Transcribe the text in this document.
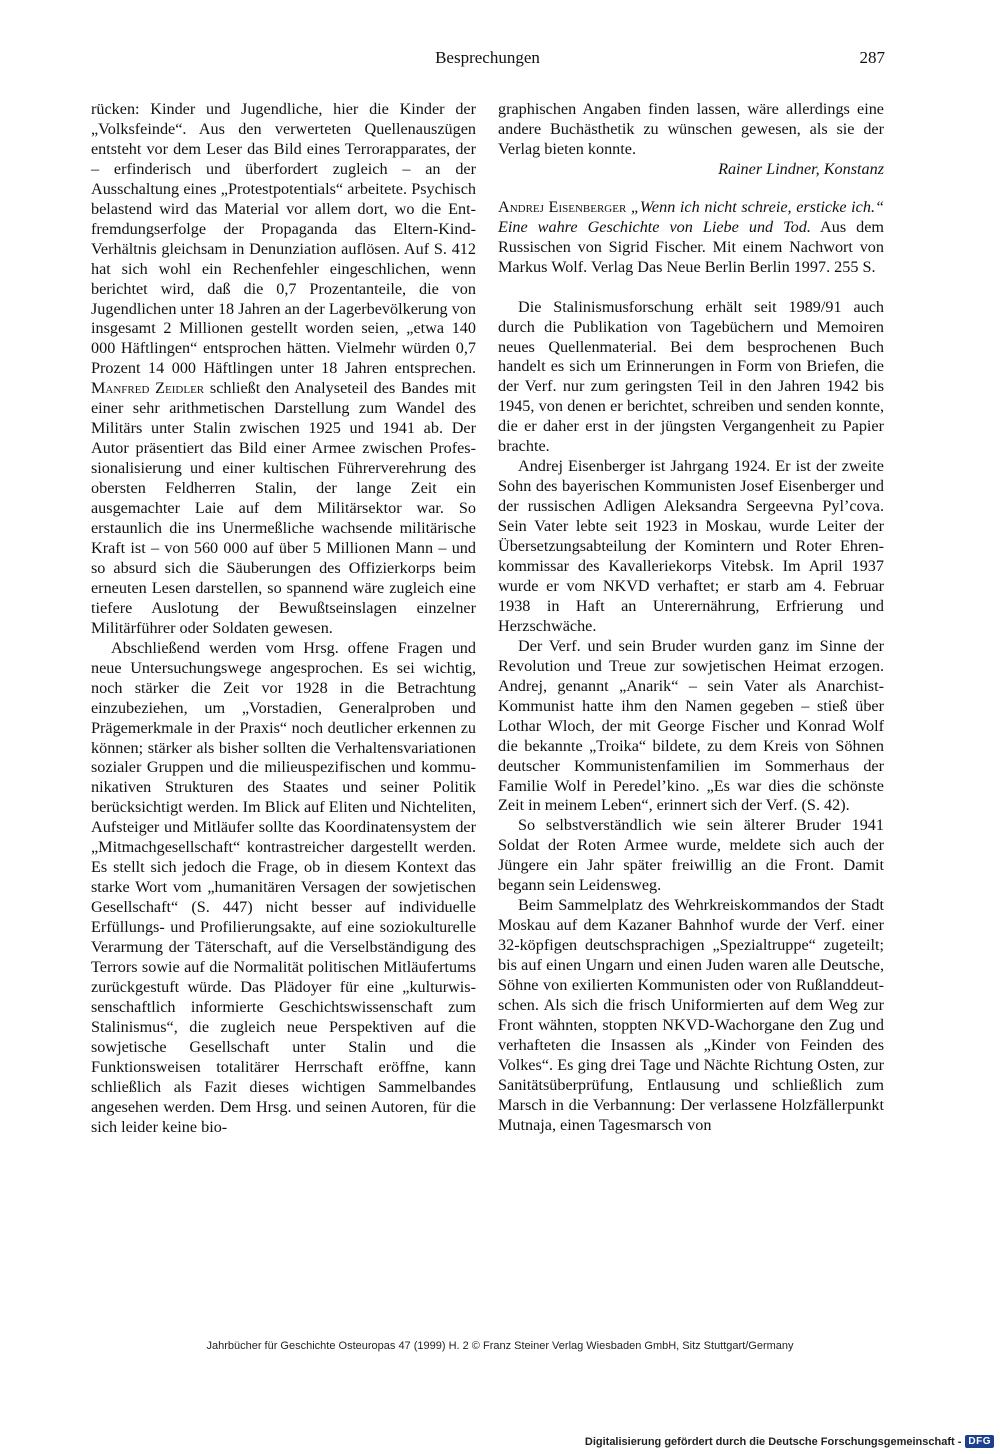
Besprechungen	287

rücken: Kinder und Jugendliche, hier die Kinder der „Volksfeinde“. Aus den verwerteten Quellenauszügen entsteht vor dem Leser das Bild eines Terrorapparates, der – erfinderisch und überfordert zugleich – an der Ausschaltung eines „Protestpotentials“ arbeitete. Psychisch belastend wird das Material vor allem dort, wo die Entfremdungserfolge der Propaganda das Eltern-Kind-Verhältnis gleichsam in Denunziation auflösen. Auf S. 412 hat sich wohl ein Rechenfehler eingeschlichen, wenn berichtet wird, daß die 0,7 Prozentanteile, die von Jugendlichen unter 18 Jahren an der Lagerbevölkerung von insgesamt 2 Millionen gestellt worden seien, „etwa 140 000 Häftlingen“ entsprochen hätten. Vielmehr würden 0,7 Prozent 14 000 Häftlingen unter 18 Jahren entsprechen. Manfred Zeidler schließt den Analyseteil des Bandes mit einer sehr arithmetischen Darstellung zum Wandel des Militärs unter Stalin zwischen 1925 und 1941 ab. Der Autor präsentiert das Bild einer Armee zwischen Professionalisierung und einer kultischen Führerverehrung des obersten Feldherren Stalin, der lange Zeit ein ausgemachter Laie auf dem Militärsektor war. So erstaunlich die ins Unermeßliche wachsende militärische Kraft ist – von 560 000 auf über 5 Millionen Mann – und so absurd sich die Säuberungen des Offizierkorps beim erneuten Lesen darstellen, so spannend wäre zugleich eine tiefere Auslotung der Bewußtseinslagen einzelner Militärführer oder Soldaten gewesen.

Abschließend werden vom Hrsg. offene Fragen und neue Untersuchungswege angesprochen. Es sei wichtig, noch stärker die Zeit vor 1928 in die Betrachtung einzubeziehen, um „Vorstadien, Generalproben und Prägemerkmale in der Praxis“ noch deutlicher erkennen zu können; stärker als bisher sollten die Verhaltensvariationen sozialer Gruppen und die milieuspezifischen und kommunikativen Strukturen des Staates und seiner Politik berücksichtigt werden. Im Blick auf Eliten und Nichteliten, Aufsteiger und Mitläufer sollte das Koordinatensystem der „Mitmachgesellschaft“ kontrastreicher dargestellt werden. Es stellt sich jedoch die Frage, ob in diesem Kontext das starke Wort vom „humanitären Versagen der sowjetischen Gesellschaft“ (S. 447) nicht besser auf individuelle Erfüllungs- und Profilierungsakte, auf eine soziokulturelle Verarmung der Täterschaft, auf die Verselbständigung des Terrors sowie auf die Normalität politischen Mitläufertums zurückgestuft würde. Das Plädoyer für eine „kulturwissenschaftlich informierte Geschichtswissenschaft zum Stalinismus“, die zugleich neue Perspektiven auf die sowjetische Gesellschaft unter Stalin und die Funktionsweisen totalitärer Herrschaft eröffne, kann schließlich als Fazit dieses wichtigen Sammelbandes angesehen werden. Dem Hrsg. und seinen Autoren, für die sich leider keine bio-

graphischen Angaben finden lassen, wäre allerdings eine andere Buchästhetik zu wünschen gewesen, als sie der Verlag bieten konnte.

Rainer Lindner, Konstanz

Andrej Eisenberger „Wenn ich nicht schreie, ersticke ich.“ Eine wahre Geschichte von Liebe und Tod. Aus dem Russischen von Sigrid Fischer. Mit einem Nachwort von Markus Wolf. Verlag Das Neue Berlin Berlin 1997. 255 S.

Die Stalinismusforschung erhält seit 1989/91 auch durch die Publikation von Tagebüchern und Memoiren neues Quellenmaterial. Bei dem besprochenen Buch handelt es sich um Erinnerungen in Form von Briefen, die der Verf. nur zum geringsten Teil in den Jahren 1942 bis 1945, von denen er berichtet, schreiben und senden konnte, die er daher erst in der jüngsten Vergangenheit zu Papier brachte.

Andrej Eisenberger ist Jahrgang 1924. Er ist der zweite Sohn des bayerischen Kommunisten Josef Eisenberger und der russischen Adligen Aleksandra Sergeevna Pyl’cova. Sein Vater lebte seit 1923 in Moskau, wurde Leiter der Übersetzungsabteilung der Komintern und Roter Ehrenkommissar des Kavalleriekorps Vitebsk. Im April 1937 wurde er vom NKVD verhaftet; er starb am 4. Februar 1938 in Haft an Unterernährung, Erfrierung und Herzschwäche.

Der Verf. und sein Bruder wurden ganz im Sinne der Revolution und Treue zur sowjetischen Heimat erzogen. Andrej, genannt „Anarik“ – sein Vater als Anarchist-Kommunist hatte ihm den Namen gegeben – stieß über Lothar Wloch, der mit George Fischer und Konrad Wolf die bekannte „Troika“ bildete, zu dem Kreis von Söhnen deutscher Kommunistenfamilien im Sommerhaus der Familie Wolf in Peredel’kino. „Es war dies die schönste Zeit in meinem Leben“, erinnert sich der Verf. (S. 42).

So selbstverständlich wie sein älterer Bruder 1941 Soldat der Roten Armee wurde, meldete sich auch der Jüngere ein Jahr später freiwillig an die Front. Damit begann sein Leidensweg.

Beim Sammelplatz des Wehrkreiskommandos der Stadt Moskau auf dem Kazaner Bahnhof wurde der Verf. einer 32-köpfigen deutschsprachigen „Spezialtruppe“ zugeteilt; bis auf einen Ungarn und einen Juden waren alle Deutsche, Söhne von exilierten Kommunisten oder von Rußlanddeutschen. Als sich die frisch Uniformierten auf dem Weg zur Front wähnten, stoppten NKVD-Wachorgane den Zug und verhafteten die Insassen als „Kinder von Feinden des Volkes“. Es ging drei Tage und Nächte Richtung Osten, zur Sanitätsüberprüfung, Entlausung und schließlich zum Marsch in die Verbannung: Der verlassene Holzfällerpunkt Mutnaja, einen Tagesmarsch von

Jahrbücher für Geschichte Osteuropas 47 (1999) H. 2 © Franz Steiner Verlag Wiesbaden GmbH, Sitz Stuttgart/Germany
Digitalisierung gefördert durch die Deutsche Forschungsgemeinschaft - DFG
